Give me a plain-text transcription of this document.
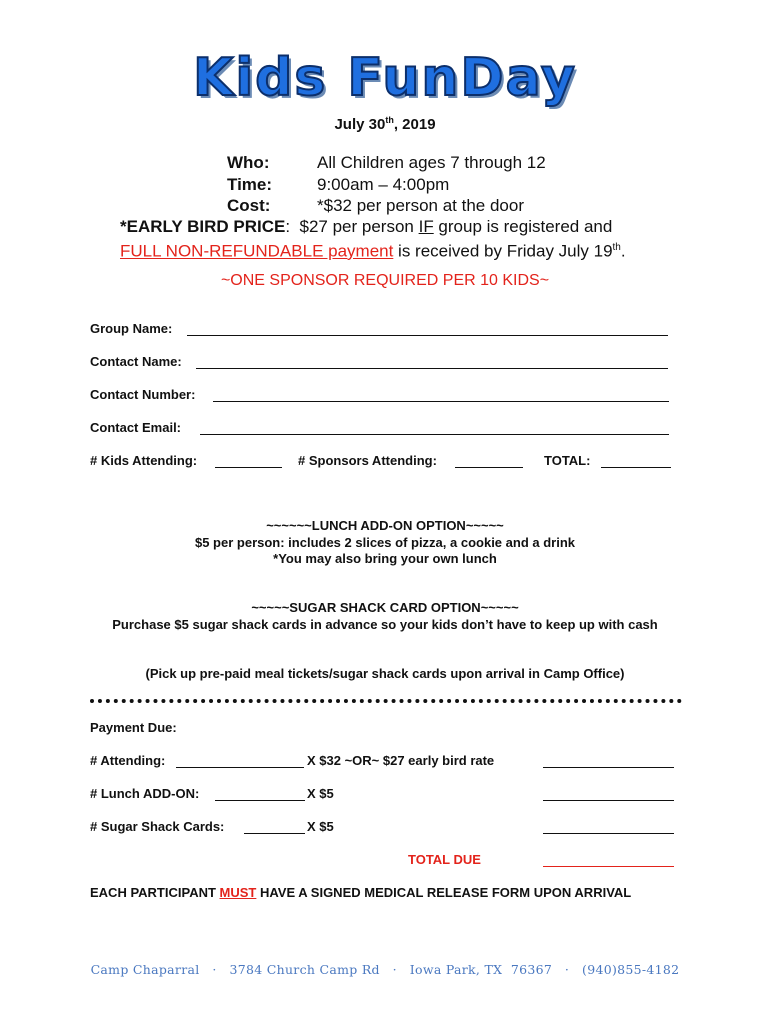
Kids FunDay
July 30th, 2019
Who:	All Children ages 7 through 12
Time:	9:00am – 4:00pm
Cost:	*$32 per person at the door
*EARLY BIRD PRICE:  $27 per person IF group is registered and
FULL NON-REFUNDABLE payment is received by Friday July 19th.
~ONE SPONSOR REQUIRED PER 10 KIDS~
Group Name:
Contact Name:
Contact Number:
Contact Email:
# Kids Attending:	# Sponsors Attending:	TOTAL:
~~~~~~LUNCH ADD-ON OPTION~~~~~
$5 per person: includes 2 slices of pizza, a cookie and a drink
*You may also bring your own lunch
~~~~~SUGAR SHACK CARD OPTION~~~~~
Purchase $5 sugar shack cards in advance so your kids don’t have to keep up with cash
(Pick up pre-paid meal tickets/sugar shack cards upon arrival in Camp Office)
Payment Due:
# Attending:	X $32 ~OR~ $27 early bird rate
# Lunch ADD-ON:	X $5
# Sugar Shack Cards:	X $5
TOTAL DUE
EACH PARTICIPANT MUST HAVE A SIGNED MEDICAL RELEASE FORM UPON ARRIVAL
Camp Chaparral   ·   3784 Church Camp Rd   ·   Iowa Park, TX  76367   ·   (940)855-4182
